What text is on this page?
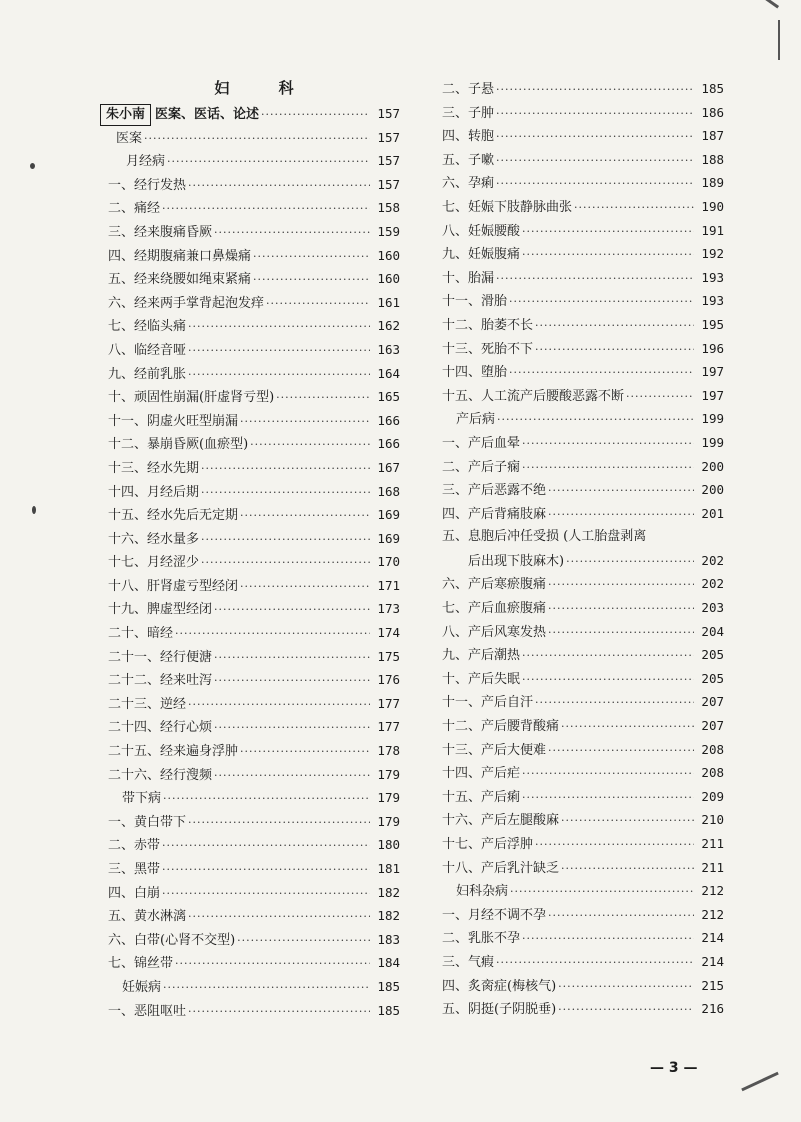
妇 科
朱小南 医案、医话、论述 ·····	157
医案 ·····	157
月经病 ·····	157
一、经行发热 ·····	157
二、痛经 ·····	158
三、经来腹痛昏厥 ·····	159
四、经期腹痛兼口鼻燥痛 ·····	160
五、经来绕腰如绳束紧痛 ·····	160
六、经来两手掌背起泡发痒 ·····	161
七、经临头痛 ·····	162
八、临经音哑 ·····	163
九、经前乳胀 ·····	164
十、顽固性崩漏(肝虚肾亏型) ·····	165
十一、阴虚火旺型崩漏 ·····	166
十二、暴崩昏厥(血瘀型) ·····	166
十三、经水先期 ·····	167
十四、月经后期 ·····	168
十五、经水先后无定期 ·····	169
十六、经水量多 ·····	169
十七、月经涩少 ·····	170
十八、肝肾虚亏型经闭 ·····	171
十九、脾虚型经闭 ·····	173
二十、暗经 ·····	174
二十一、经行便溏 ·····	175
二十二、经来吐泻 ·····	176
二十三、逆经 ·····	177
二十四、经行心烦 ·····	177
二十五、经来遍身浮肿 ·····	178
二十六、经行溲频 ·····	179
带下病 ·····	179
一、黄白带下 ·····	179
二、赤带 ·····	180
三、黑带 ·····	181
四、白崩 ·····	182
五、黄水淋漓 ·····	182
六、白带(心肾不交型) ·····	183
七、锦丝带 ·····	184
妊娠病 ·····	185
一、恶阻呕吐 ·····	185
二、子悬 ·····	185
三、子肿 ·····	186
四、转胞 ·····	187
五、子嗽 ·····	188
六、孕痢 ·····	189
七、妊娠下肢静脉曲张 ·····	190
八、妊娠腰酸 ·····	191
九、妊娠腹痛 ·····	192
十、胎漏 ·····	193
十一、滑胎 ·····	193
十二、胎萎不长 ·····	195
十三、死胎不下 ·····	196
十四、堕胎 ·····	197
十五、人工流产后腰酸恶露不断 ·····	197
产后病 ·····	199
一、产后血晕 ·····	199
二、产后子痫 ·····	200
三、产后恶露不绝 ·····	200
四、产后背痛肢麻 ·····	201
五、息胞后冲任受损 (人工胎盘剥离
后出现下肢麻木) ·····	202
六、产后寒瘀腹痛 ·····	202
七、产后血瘀腹痛 ·····	203
八、产后风寒发热 ·····	204
九、产后潮热 ·····	205
十、产后失眠 ·····	205
十一、产后自汗 ·····	207
十二、产后腰背酸痛 ·····	207
十三、产后大便难 ·····	208
十四、产后疟 ·····	208
十五、产后痢 ·····	209
十六、产后左腿酸麻 ·····	210
十七、产后浮肿 ·····	211
十八、产后乳汁缺乏 ·····	211
妇科杂病 ·····	212
一、月经不调不孕 ·····	212
二、乳胀不孕 ·····	214
三、气瘕 ·····	214
四、炙脔症(梅核气) ·····	215
五、阴挺(子阴脱垂) ·····	216
— 3 —
